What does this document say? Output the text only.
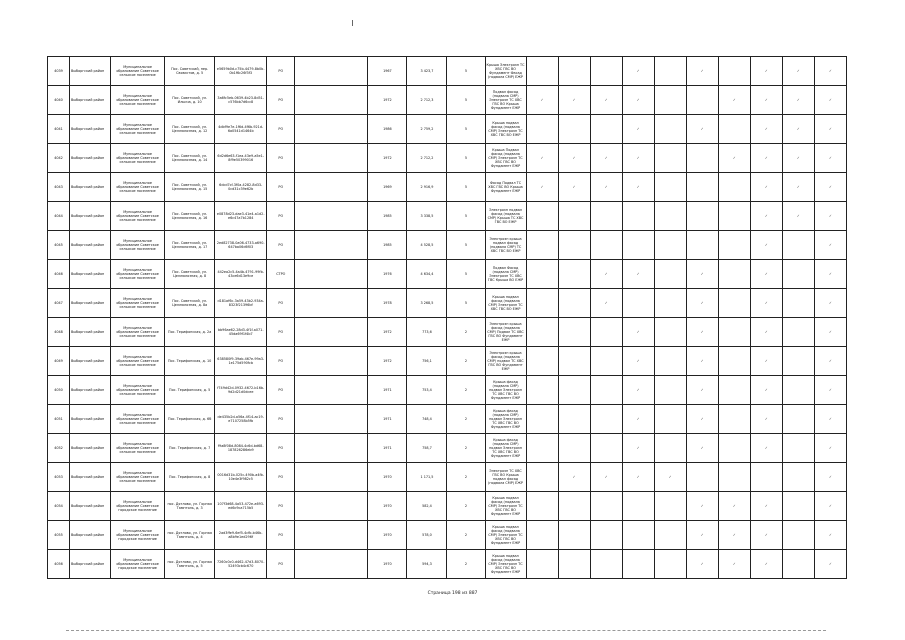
4039	Выборгский район	Муниципальное образование Советское сельское поселение	Пос. Советский, пер. Связистов, д. 5	e5659b0d-c75b-4479-8b0b-0b1f6c26f3f3	РО		1967	3 423,7	5	Крыша Электроэн ТС ХВС ГВС ВО Фундамент Фасад (подвала СМР) ЕЖР				✓		✓		✓	✓	✓
4040	Выборгский район	Муниципальное образование Советское сельское поселение	Пос. Советский, ул. Ильича, д. 10	3a6fc5eb-0639-4b23-8d51-c576bb7d6cc8	РО		1972	2 712,3	5	Подвал фасад (подвала СМР) Электроэн ТС ХВС ГВС ВО Крыша Фундамент ЕЖР	✓	✓	✓	✓			✓	✓	✓	✓
4041	Выборгский район	Муниципальное образование Советское сельское поселение	Пос. Советский, ул. Целлюлозная, д. 12	4dbf9e7e-1f6d-4f6b-921d-6a0541d1464b	РО		1986	2 759,2	5	Крыша подвал фасад (подвала СМР) Электроэн ТС ХВС ГВС ВО ЕЖР				✓		✓		✓	✓	✓
4042	Выборгский район	Муниципальное образование Советское сельское поселение	Пос. Советский, ул. Целлюлозная, д. 14	6d2d6e63-f1ea-43e9-a5e1-8f9e50399016	РО		1972	2 712,2	5	Крыша Подвал фасад (подвала СМР) Электроэн ТС ХВС ГВС ВО Фундамент ЕЖР	✓	✓	✓	✓			✓	✓	✓	✓
4043	Выборгский район	Муниципальное образование Советское сельское поселение	Пос. Советский, ул. Целлюлозная, д. 15	6dcd7cf-3f0a-4282-8d33-0cd31c39e62b	РО		1969	2 916,9	5	Фасад Подвал ТС ХВС ГВС ВО Крыша Фундамент ЕЖР	✓	✓	✓	✓				✓	✓	✓
4044	Выборгский район	Муниципальное образование Советское сельское поселение	Пос. Советский, ул. Целлюлозная, д. 16	e0878d23-dae3-41e4-a1d2-e6c47a7b1284	РО		1985	3 338,5	5	Электроэн подвал фасад (подвала СМР) Крыша ТС ХВС ГВС ВО ЕЖР								✓	✓	✓
4045	Выборгский район	Муниципальное образование Советское сельское поселение	Пос. Советский, ул. Целлюлозная, д. 17	2ed82738-0a06-4733-a690-647ba06d6f03	РО		1985	4 528,5	5	Электроэн крыша подвал фасад (подвала СМР) ТС ХВС ГВС ВО ЕЖР								✓		✓
4046	Выборгский район	Муниципальное образование Советское сельское поселение	Пос. Советский, ул. Целлюлозная, д. 8	442ea2c5-4a4b-4791-99fb-43ce6d13e9ce	СТРО		1976	4 634,4	5	Подвал Фасад (подвала СМР) Электроэн ТС ХВС ГВС Крыша ВО ЕЖР			✓	✓		✓		✓		✓
4047	Выборгский район	Муниципальное образование Советское сельское поселение	Пос. Советский, ул. Целлюлозная, д. 8а	d181af6c-3a59-43b2-934a-8323f21396bf	РО		1978	3 268,5	5	Крыша подвал фасад (подвала СМР) Электроэн ТС ХВС ГВС ВО ЕЖР			✓			✓		✓		✓
4048	Выборгский район	Муниципальное образование Советское сельское поселение	Пос. Терифонская, д. 2а	bb96ae62-28d3-4f1f-a071-45da69f1f4b7	РО		1972	773,6	2	Электроэн крыша фасад (подвала СМР) Подвал ТС ХВС ГВС ВО Фундамент ЕЖР				✓		✓		✓		✓
4049	Выборгский район	Муниципальное образование Советское сельское поселение	Пос. Терифонская, д. 10	638580f9-39ab-467e-99a3-1e175d590fcb	РО		1972	756,1	2	Электроэн крыша фасад (подвала СМР) подвал ТС ХВС ГВС ВО Фундамент ЕЖР				✓		✓		✓		✓
4050	Выборгский район	Муниципальное образование Советское сельское поселение	Пос. Терифонская, д. 5	f749d42d-0932-4672-b16b-9d2d21d0dcee	РО		1971	753,4	2	Крыша фасад (подвала СМР) подвал Электроэн ТС ХВС ГВС ВО Фундамент ЕЖР				✓		✓		✓		✓
4051	Выборгский район	Муниципальное образование Советское сельское поселение	Пос. Терифонская, д. 6б	de435b2d-a56a-4f14-ac19-e7107258b5fb	РО		1971	748,4	2	Крыша фасад (подвала СМР) подвал Электроэн ТС ХВС ГВС ВО Фундамент ЕЖР				✓		✓		✓		✓
4052	Выборгский район	Муниципальное образование Советское сельское поселение	Пос. Терифонская, д. 7	f9a8f08d-8084-4c6d-bd68-187826286eb9	РО		1971	758,7	2	Крыша фасад (подвала СМР) подвал Электроэн ТС ХВС ГВС ВО Фундамент ЕЖР				✓		✓		✓		✓
4053	Выборгский район	Муниципальное образование Советское сельское поселение	Пос. Терифонская, д. 8	0016d31b-025c-490b-a4fb-10e4e3f982c5	РО		1970	1 171,5	2	Электроэн ТС ХВС ГВС ВО Крыша подвал фасад (подвала СМР) ЕЖР		✓	✓	✓	✓					✓
4054	Выборгский район	Муниципальное образование Советское городское поселение	пос. Дятлово, ул. Горная Тамптоль, д. 3	107f3d68-4a53-472e-a693-ed6c9ca715b5	РО		1970	582,4	2	Крыша подвал фасад (подвала СМР) Электроэн ТС ХВС ГВС ВО Фундамент ЕЖР						✓	✓	✓		✓
4055	Выборгский район	Муниципальное образование Советское городское поселение	пос. Дятлово, ул. Горная Тамптоль, д. 4	2ad3ffe9-6ef5-4cfb-b46b-a8b9e1ed296f	РО		1970	578,0	2	Крыша подвал фасад (подвала СМР) Электроэн ТС ХВС ГВС ВО Фундамент ЕЖР						✓	✓	✓		✓
4056	Выборгский район	Муниципальное образование Советское городское поселение	пос. Дятлово, ул. Горная Тамптоль, д. 5	7260c0c0-d462-47d3-8070-52493cb4c670	РО		1970	594,3	2	Крыша подвал фасад (подвала СМР) Электроэн ТС ХВС ГВС ВО Фундамент ЕЖР						✓	✓	✓		✓
Страница 198 из 887
